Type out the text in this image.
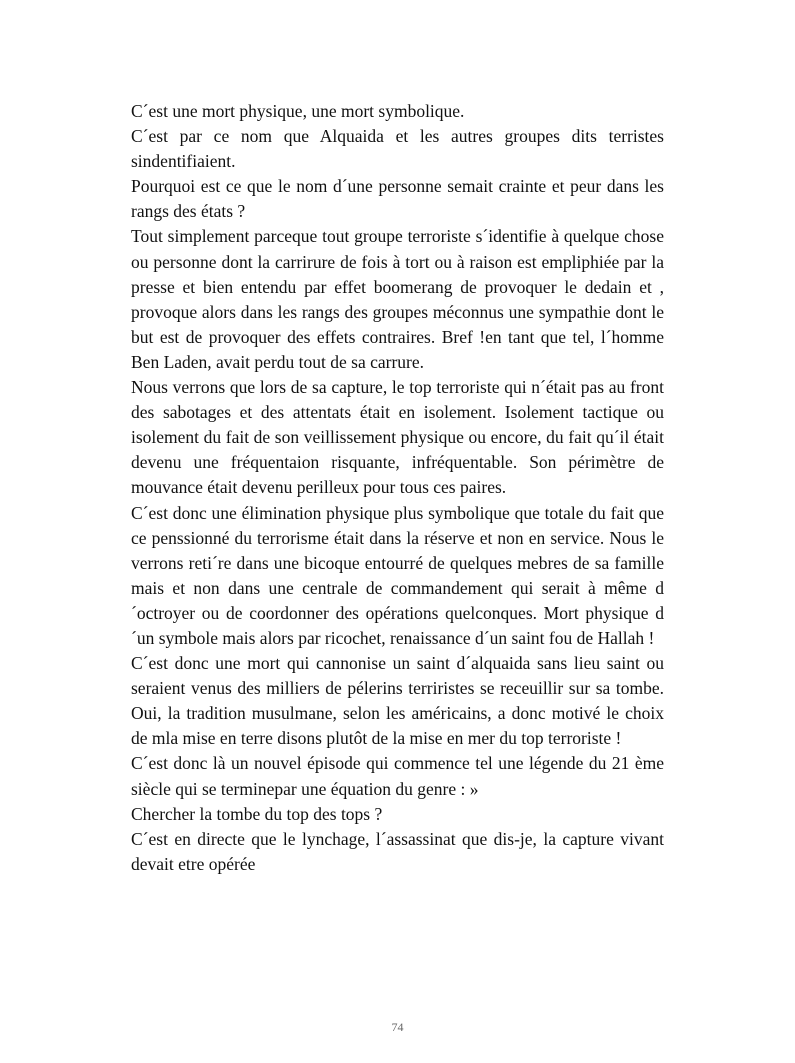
C´est une mort physique, une mort symbolique.

C´est par ce nom que Alquaida et les autres groupes dits terristes sindentifiaient.

Pourquoi est ce que le nom d´une personne semait crainte et peur dans les rangs des états ?

Tout simplement parceque tout groupe terroriste s´identifie à quelque chose ou personne dont la carrirure de fois à tort ou à raison est empliphiée par la presse et bien entendu par effet boomerang de provoquer le dedain et , provoque alors dans les rangs des groupes méconnus une sympathie dont le but est de provoquer des effets contraires. Bref !en tant que tel, l´homme Ben Laden, avait perdu tout de sa carrure.

Nous verrons que lors de sa capture, le top terroriste qui n´était pas au front des sabotages et des attentats était en isolement. Isolement tactique ou isolement du fait de son veillissement physique ou encore, du fait qu´il était devenu une fréquentaion risquante, infréquentable. Son périmètre de mouvance était devenu perilleux pour tous ces paires.

C´est donc une élimination physique plus symbolique que totale du fait que ce penssionné du terrorisme était dans la réserve et non en service. Nous le verrons reti´re dans une bicoque entourré de quelques mebres de sa famille mais et non dans une centrale de commandement qui serait à même d´octroyer ou de coordonner des opérations quelconques. Mort physique d´un symbole mais alors par ricochet, renaissance d´un saint fou de Hallah !

C´est donc une mort qui cannonise un saint d´alquaida sans lieu saint ou seraient venus des milliers de pélerins terriristes se receuillir sur sa tombe. Oui, la tradition musulmane, selon les américains, a donc motivé le choix de mla mise en terre disons plutôt de la mise en mer du top terroriste !

C´est donc là un nouvel épisode qui commence tel une légende du 21 ème siècle qui se terminepar une équation du genre : »

Chercher la tombe du top des tops ?

C´est en directe que le lynchage, l´assassinat que dis-je, la capture vivant devait etre opérée

74
